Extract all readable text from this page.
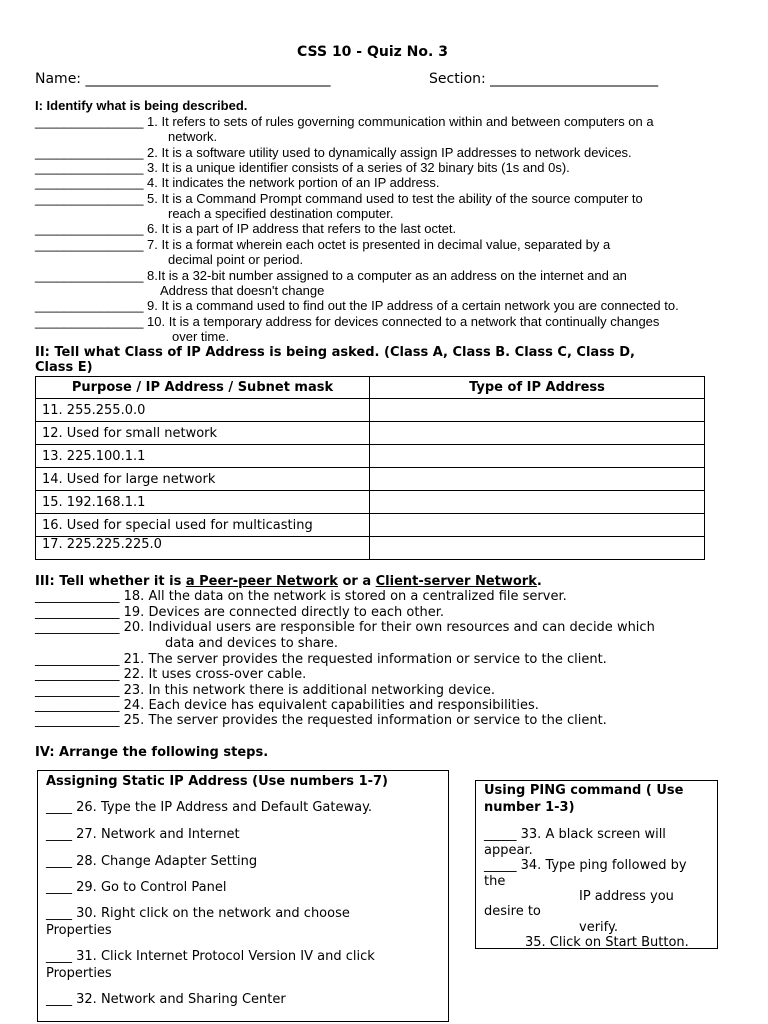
CSS 10 - Quiz No. 3
Name: ___________________________________	Section: ________________________
I: Identify what is being described.
_______________ 1. It refers to sets of rules governing communication within and between computers on a
network.
_______________ 2. It is a software utility used to dynamically assign IP addresses to network devices.
_______________ 3. It is a unique identifier consists of a series of 32 binary bits (1s and 0s).
_______________ 4. It indicates the network portion of an IP address.
_______________ 5. It is a Command Prompt command used to test the ability of the source computer to
reach a specified destination computer.
_______________ 6. It is a part of IP address that refers to the last octet.
_______________ 7. It is a format wherein each octet is presented in decimal value, separated by a
decimal point or period.
_______________ 8.It is a 32-bit number assigned to a computer as an address on the internet and an
Address that doesn't change
_______________ 9. It is a command used to find out the IP address of a certain network you are connected to.
_______________ 10. It is a temporary address for devices connected to a network that continually changes
over time.
II: Tell what Class of IP Address is being asked. (Class A, Class B. Class C, Class D,
Class E)
Purpose / IP Address / Subnet mask	Type of IP Address
11. 255.255.0.0	
12. Used for small network	
13. 225.100.1.1	
14. Used for large network	
15. 192.168.1.1	
16. Used for special used for multicasting	
17. 225.225.225.0	
III: Tell whether it is a Peer-peer Network or a Client-server Network.
_____________ 18. All the data on the network is stored on a centralized file server.
_____________ 19. Devices are connected directly to each other.
_____________ 20. Individual users are responsible for their own resources and can decide which
data and devices to share.
_____________ 21. The server provides the requested information or service to the client.
_____________ 22. It uses cross-over cable.
_____________ 23. In this network there is additional networking device.
_____________ 24. Each device has equivalent capabilities and responsibilities.
_____________ 25. The server provides the requested information or service to the client.
IV: Arrange the following steps.
Assigning Static IP Address (Use numbers 1-7)
____ 26. Type the IP Address and Default Gateway.
____ 27. Network and Internet
____ 28. Change Adapter Setting
____ 29. Go to Control Panel
____ 30. Right click on the network and choose
Properties
____ 31. Click Internet Protocol Version IV and click
Properties
____ 32. Network and Sharing Center
Using PING command ( Use
number 1-3)
_____ 33. A black screen will
appear.
_____ 34. Type ping followed by
the
IP address you
desire to
verify.
35. Click on Start Button.
